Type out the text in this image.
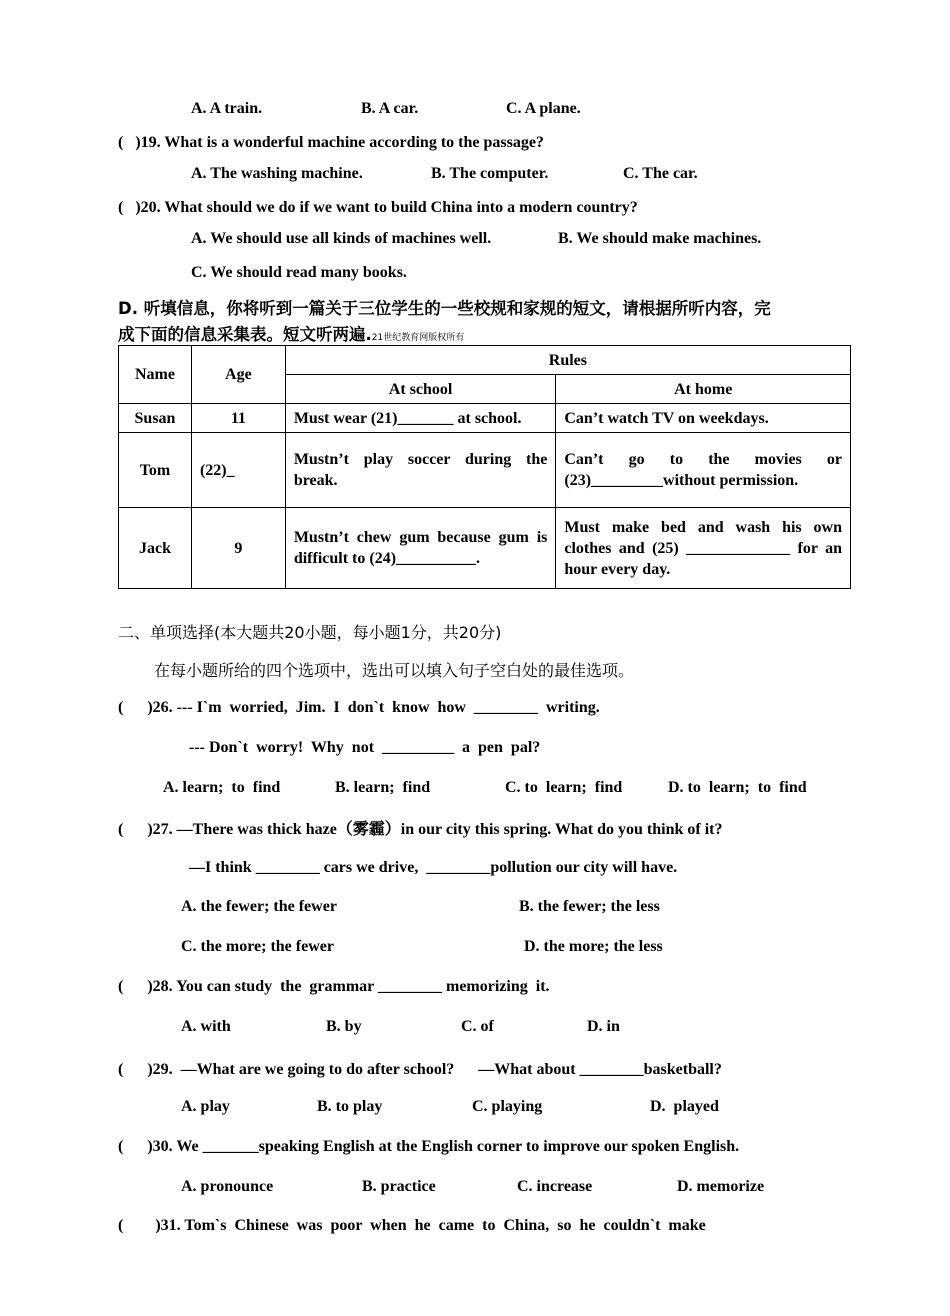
A. A train.	B. A car.	C. A plane.
(   )19. What is a wonderful machine according to the passage?
A. The washing machine.	B. The computer.	C. The car.
(   )20. What should we do if we want to build China into a modern country?
A. We should use all kinds of machines well.	B. We should make machines.
C. We should read many books.
D. 听填信息，你将听到一篇关于三位学生的一些校规和家规的短文，请根据所听内容，完
成下面的信息采集表。短文听两遍.21世纪教育网版权所有
Name	Age	Rules	
		At school	At home
Susan	11	Must wear (21)_______ at school.	Can’t watch TV on weekdays.
Tom	(22)_	Mustn’t play soccer during the break.	Can’t go to the movies or (23)_________without permission.
Jack	9	Mustn’t chew gum because gum is difficult to (24)__________.	Must make bed and wash his own clothes and (25) _____________ for an hour every day.
二、单项选择(本大题共20小题，每小题1分，共20分)
在每小题所给的四个选项中，选出可以填入句子空白处的最佳选项。
(      )26. --- I`m  worried,  Jim.  I  don`t  know  how  ________  writing.
--- Don`t  worry!  Why  not  _________  a  pen  pal?
A. learn;  to  find	B. learn;  find	C. to  learn;  find	D. to  learn;  to  find
(      )27. —There was thick haze（雾霾）in our city this spring. What do you think of it?
—I think ________ cars we drive,  ________pollution our city will have.
A. the fewer; the fewer	B. the fewer; the less
C. the more; the fewer	D. the more; the less
(      )28. You can study  the  grammar ________ memorizing  it.
A. with	B. by	C. of	D. in
(      )29.  —What are we going to do after school?      —What about ________basketball?
A. play	B. to play	C. playing	D.  played
(      )30. We _______speaking English at the English corner to improve our spoken English.
A. pronounce	B. practice	C. increase	D. memorize
(        )31. Tom`s  Chinese  was  poor  when  he  came  to  China,  so  he  couldn`t  make
